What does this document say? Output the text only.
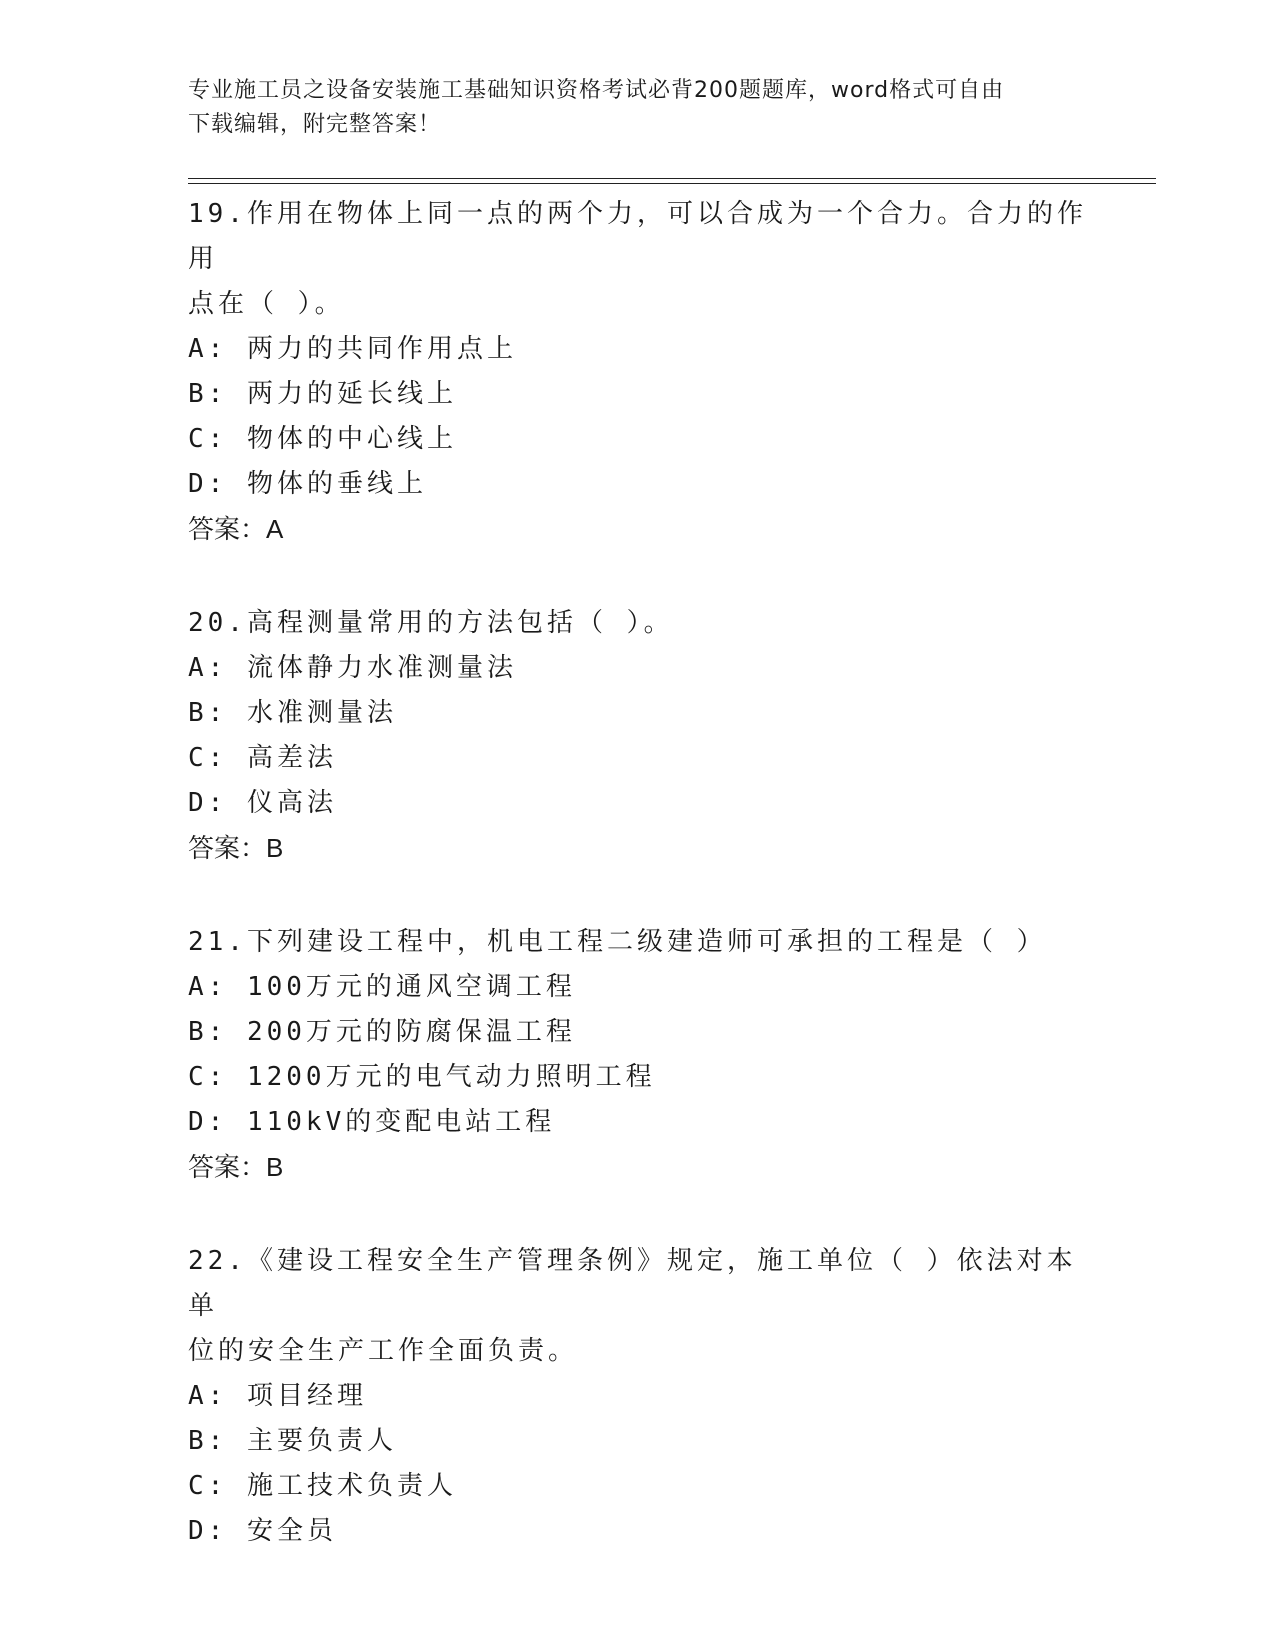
专业施工员之设备安装施工基础知识资格考试必背200题题库，word格式可自由
下载编辑，附完整答案！

19.作用在物体上同一点的两个力，可以合成为一个合力。合力的作用

点在（ ）。

A: 两力的共同作用点上

B: 两力的延长线上

C: 物体的中心线上

D: 物体的垂线上

答案：A

20.高程测量常用的方法包括（ ）。

A: 流体静力水准测量法

B: 水准测量法

C: 高差法

D: 仪高法

答案：B

21.下列建设工程中，机电工程二级建造师可承担的工程是（ ）

A: 100万元的通风空调工程

B: 200万元的防腐保温工程

C: 1200万元的电气动力照明工程

D: 110kV的变配电站工程

答案：B

22.《建设工程安全生产管理条例》规定，施工单位（ ）依法对本单

位的安全生产工作全面负责。

A: 项目经理

B: 主要负责人

C: 施工技术负责人

D: 安全员
